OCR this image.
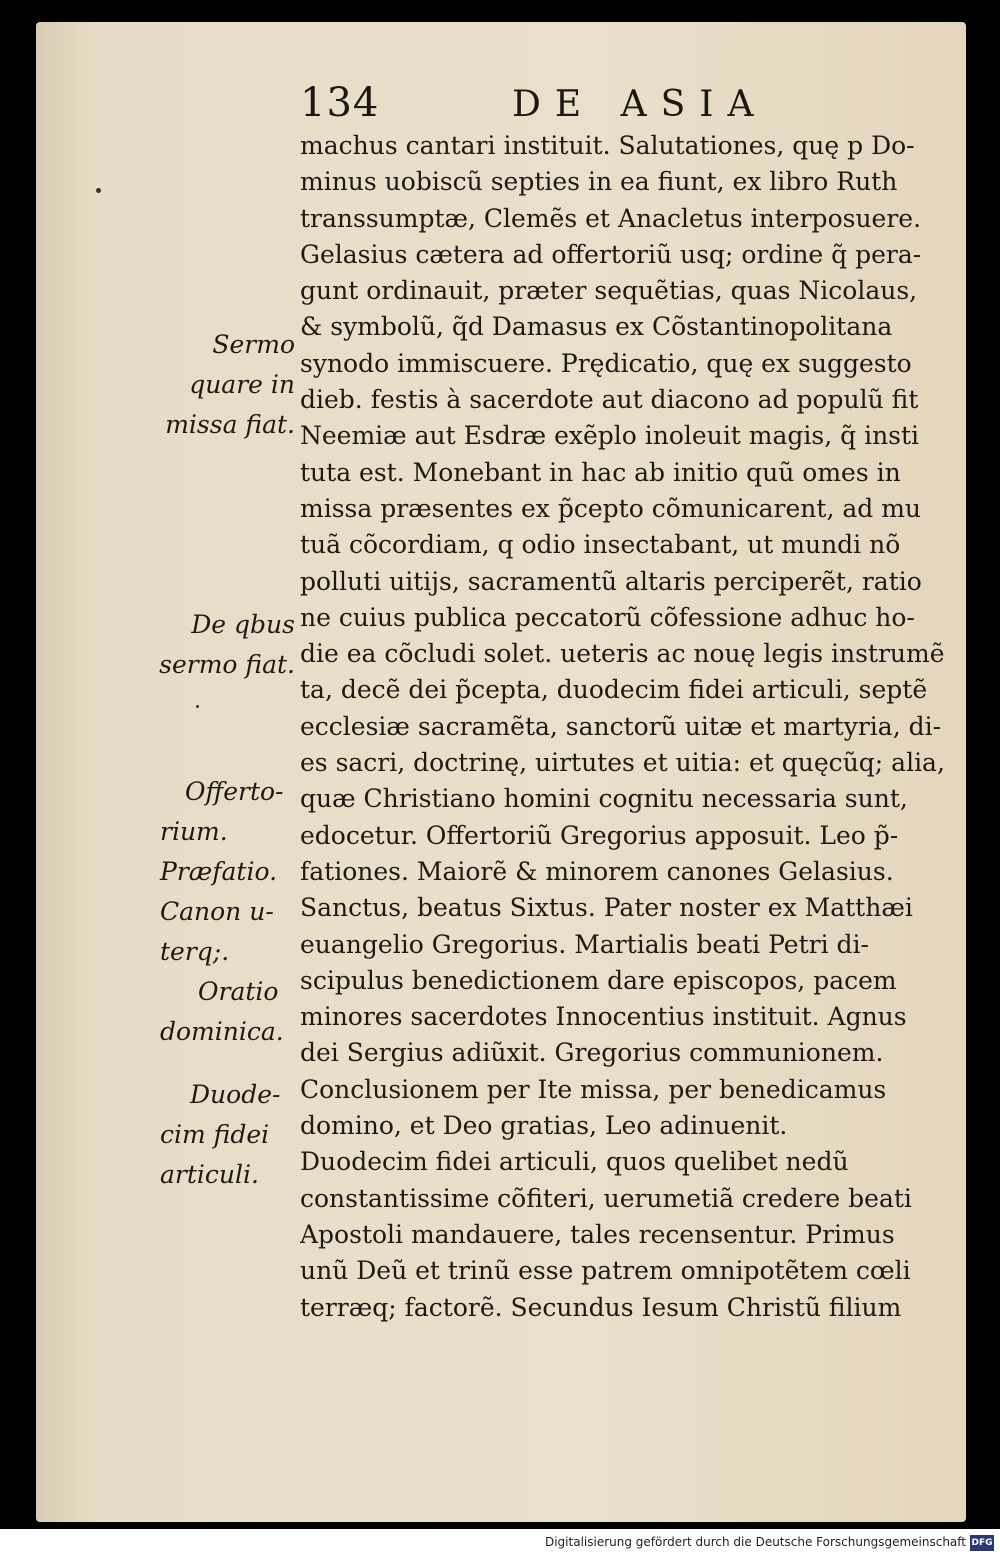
134	DE ASIA
machus cantari instituit. Salutationes, quę p Do-
minus uobiscũ septies in ea fiunt, ex libro Ruth
transsumptæ, Clemẽs et Anacletus interposuere.
Gelasius cætera ad offertoriũ usq; ordine q̃ pera-
gunt ordinauit, præter sequẽtias, quas Nicolaus,
& symbolũ, q̃d Damasus ex Cõstantinopolitana
synodo immiscuere. Prędicatio, quę ex suggesto
dieb. festis à sacerdote aut diacono ad populũ fit
Neemiæ aut Esdræ exẽplo inoleuit magis, q̃ insti
tuta est. Monebant in hac ab initio quũ omes in
missa præsentes ex p̃cepto cõmunicarent, ad mu
tuã cõcordiam, q odio insectabant, ut mundi nõ
polluti uitijs, sacramentũ altaris perciperẽt, ratio
ne cuius publica peccatorũ cõfessione adhuc ho-
die ea cõcludi solet. ueteris ac nouę legis instrumẽ
ta, decẽ dei p̃cepta, duodecim fidei articuli, septẽ
ecclesiæ sacramẽta, sanctorũ uitæ et martyria, di-
es sacri, doctrinę, uirtutes et uitia: et quęcũq; alia,
quæ Christiano homini cognitu necessaria sunt,
edocetur. Offertoriũ Gregorius apposuit. Leo p̃-
fationes. Maiorẽ & minorem canones Gelasius.
Sanctus, beatus Sixtus. Pater noster ex Matthæi
euangelio Gregorius. Martialis beati Petri di-
scipulus benedictionem dare episcopos, pacem
minores sacerdotes Innocentius instituit. Agnus
dei Sergius adiũxit. Gregorius communionem.
Conclusionem per Ite missa, per benedicamus
domino, et Deo gratias, Leo adinuenit.
Duodecim fidei articuli, quos quelibet nedũ
constantissime cõfiteri, uerumetiã credere beati
Apostoli mandauere, tales recensentur. Primus
unũ Deũ et trinũ esse patrem omnipotẽtem cœli
terræq; factorẽ. Secundus Iesum Christũ filium
Sermo
quare in
missa fiat.
De qbus
sermo fiat.
Offerto-
rium.
Præfatio.
Canon u-
terq;.
Oratio
dominica.
Duode-
cim fidei
articuli.
Digitalisierung gefördert durch die Deutsche Forschungsgemeinschaft DFG
